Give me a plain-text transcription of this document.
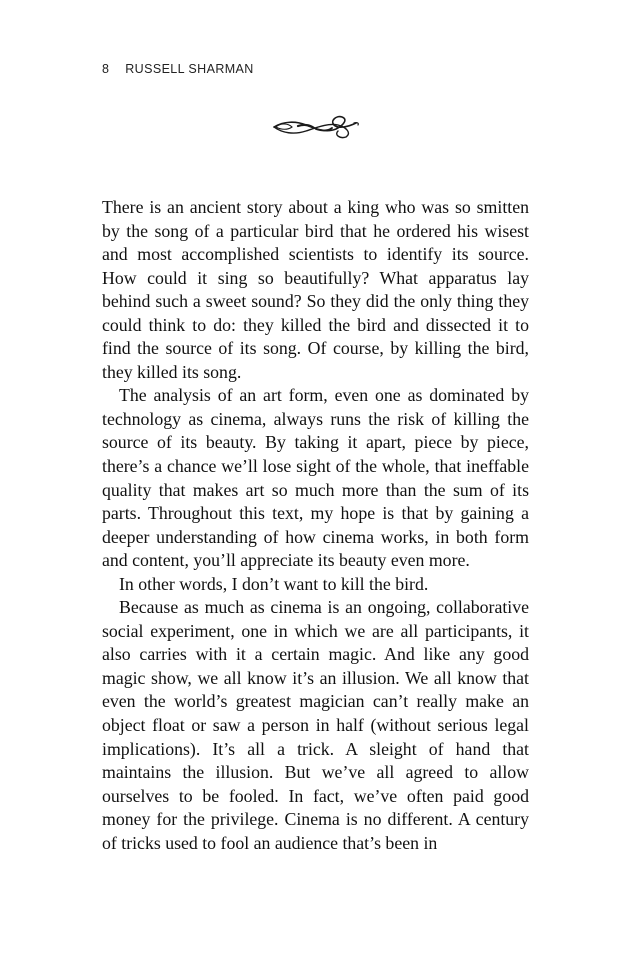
8 RUSSELL SHARMAN

There is an ancient story about a king who was so smitten by the song of a particular bird that he ordered his wisest and most accomplished scientists to identify its source. How could it sing so beautifully? What apparatus lay behind such a sweet sound? So they did the only thing they could think to do: they killed the bird and dissected it to find the source of its song. Of course, by killing the bird, they killed its song.

The analysis of an art form, even one as dominated by technology as cinema, always runs the risk of killing the source of its beauty. By taking it apart, piece by piece, there’s a chance we’ll lose sight of the whole, that ineffable quality that makes art so much more than the sum of its parts. Throughout this text, my hope is that by gaining a deeper understanding of how cinema works, in both form and content, you’ll appreciate its beauty even more.

In other words, I don’t want to kill the bird.

Because as much as cinema is an ongoing, collaborative social experiment, one in which we are all participants, it also carries with it a certain magic. And like any good magic show, we all know it’s an illusion. We all know that even the world’s greatest magician can’t really make an object float or saw a person in half (without serious legal implications). It’s all a trick. A sleight of hand that maintains the illusion. But we’ve all agreed to allow ourselves to be fooled. In fact, we’ve often paid good money for the privilege. Cinema is no different. A century of tricks used to fool an audience that’s been in
